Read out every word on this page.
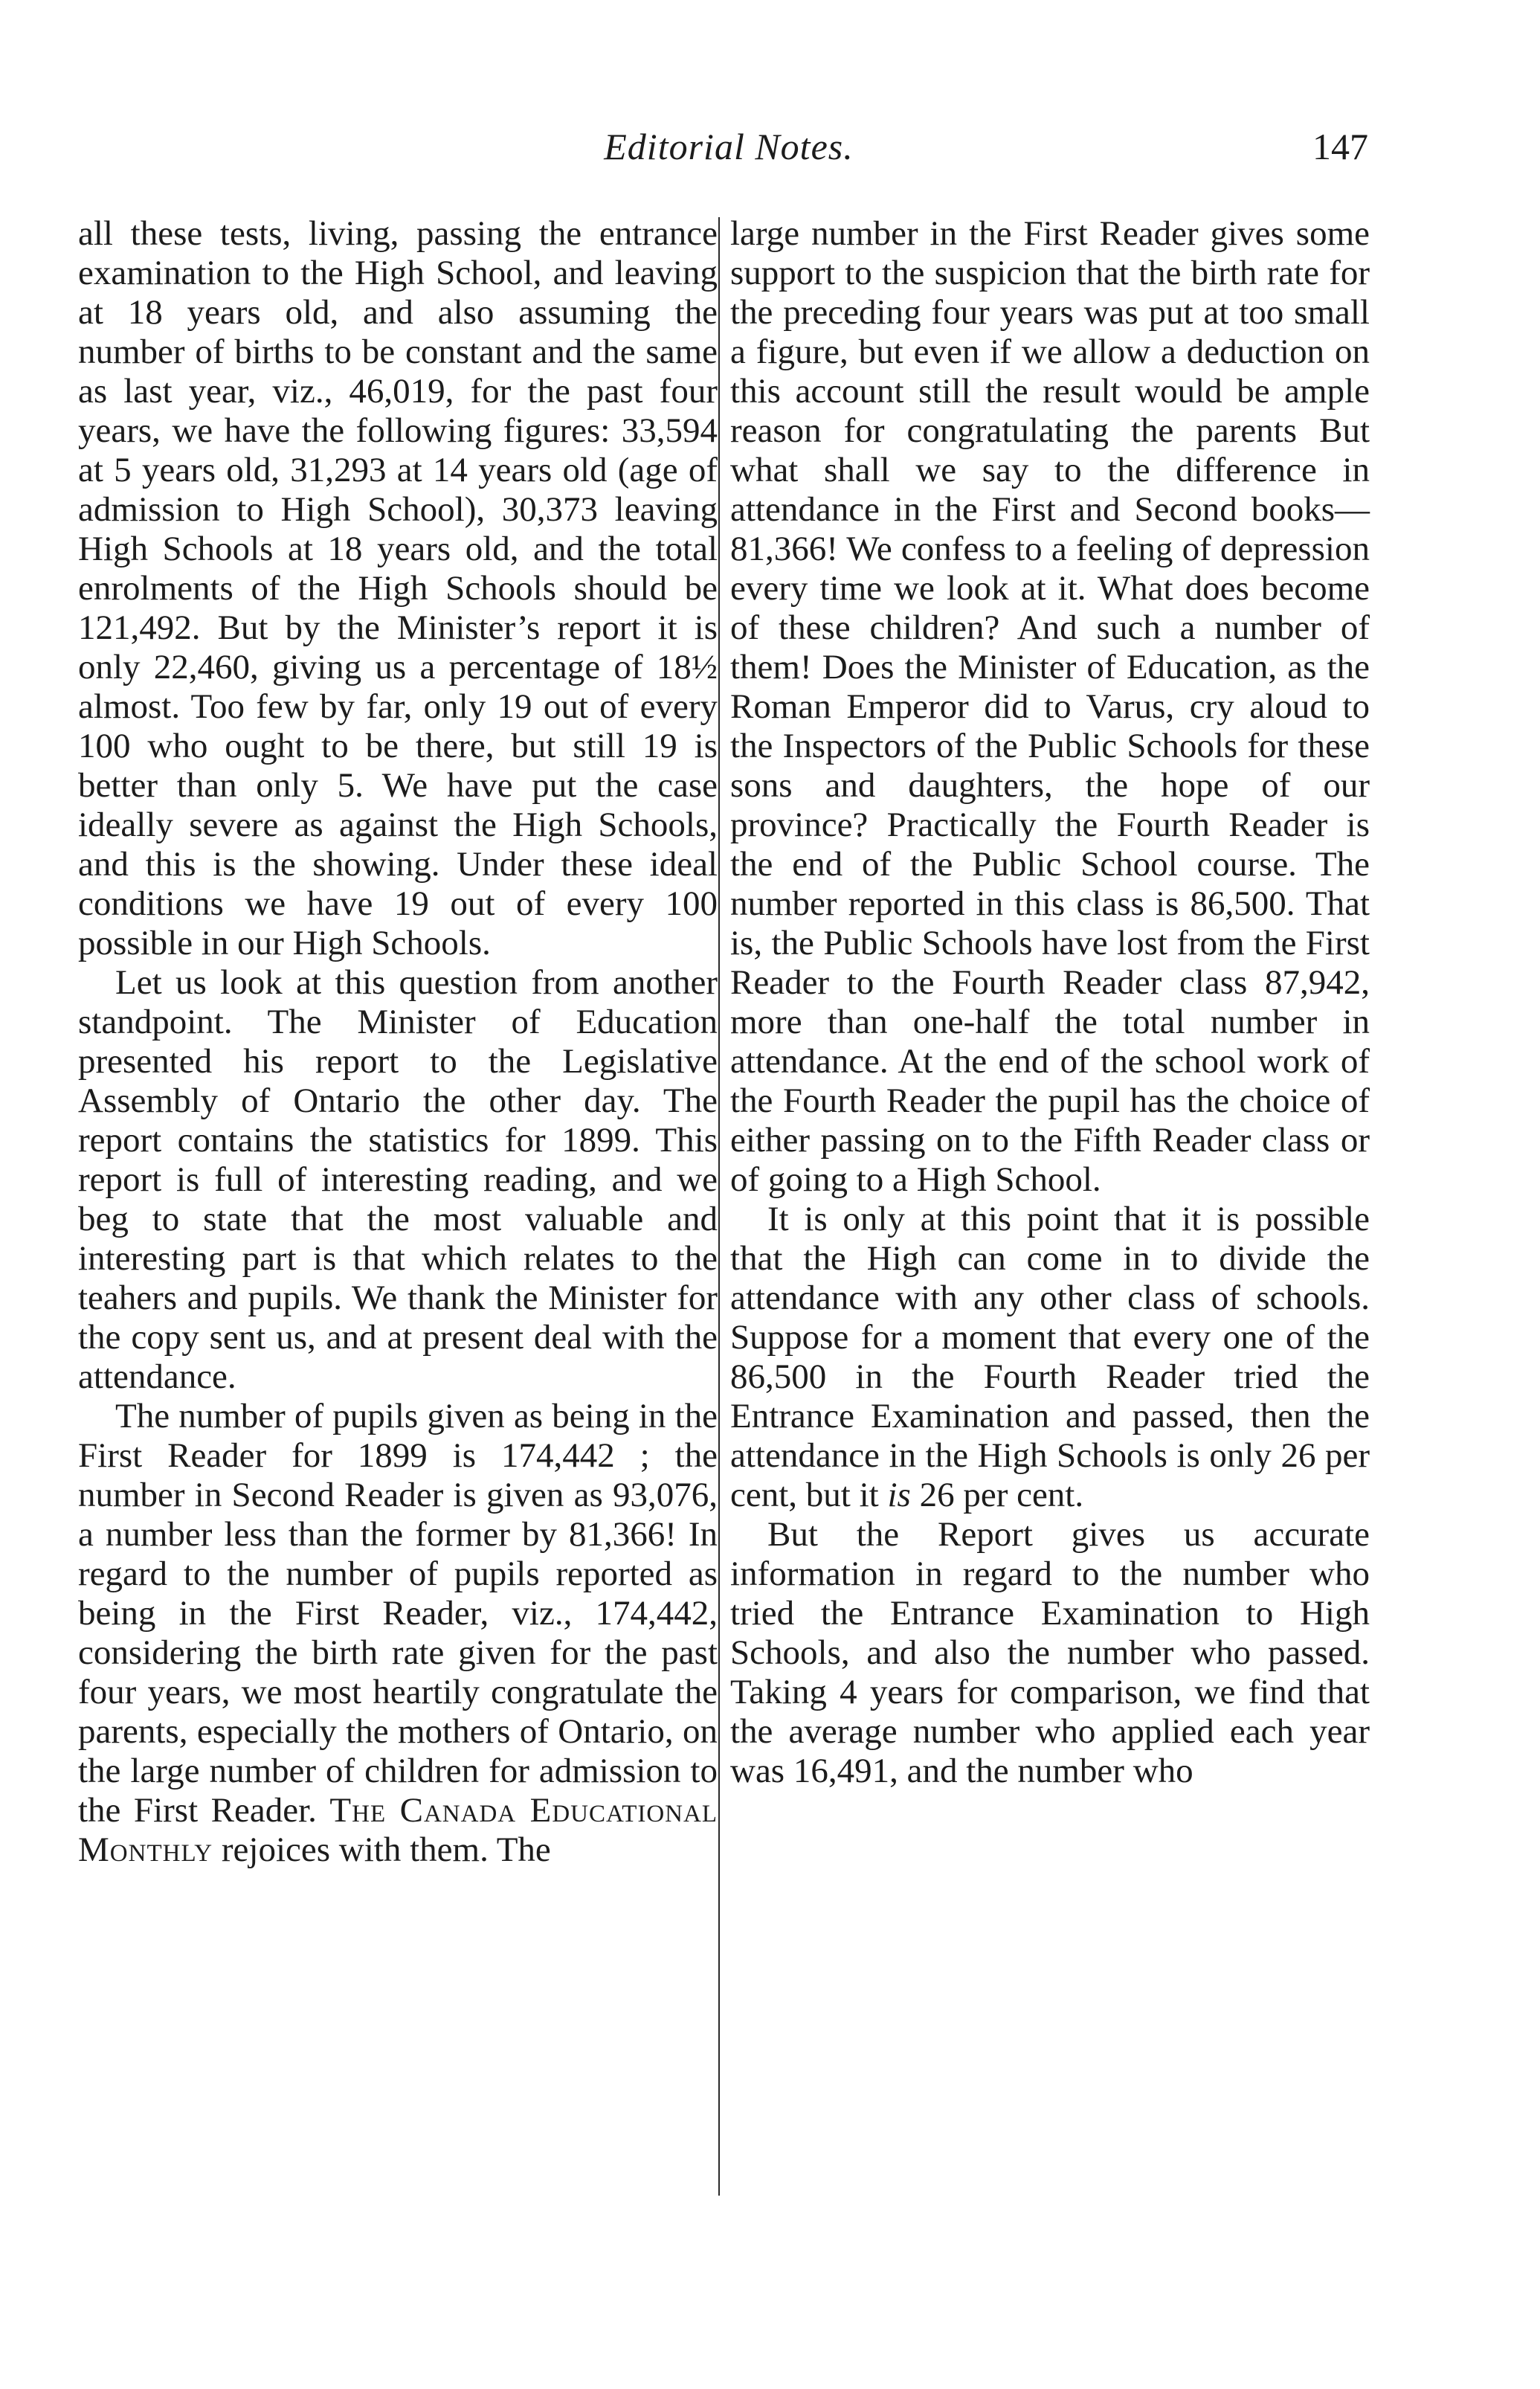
Editorial Notes.	147

all these tests, living, passing the entrance examination to the High School, and leaving at 18 years old, and also assuming the number of births to be constant and the same as last year, viz., 46,019, for the past four years, we have the following figures: 33,594 at 5 years old, 31,293 at 14 years old (age of admission to High School), 30,373 leaving High Schools at 18 years old, and the total enrolments of the High Schools should be 121,492. But by the Minister’s report it is only 22,460, giving us a percentage of 18½ almost. Too few by far, only 19 out of every 100 who ought to be there, but still 19 is better than only 5. We have put the case ideally severe as against the High Schools, and this is the showing. Under these ideal conditions we have 19 out of every 100 possible in our High Schools.

Let us look at this question from another standpoint. The Minister of Education presented his report to the Legislative Assembly of Ontario the other day. The report contains the statistics for 1899. This report is full of interesting reading, and we beg to state that the most valuable and interesting part is that which relates to the teahers and pupils. We thank the Minister for the copy sent us, and at present deal with the attendance.

The number of pupils given as being in the First Reader for 1899 is 174,442 ; the number in Second Reader is given as 93,076, a number less than the former by 81,366! In regard to the number of pupils reported as being in the First Reader, viz., 174,442, considering the birth rate given for the past four years, we most heartily congratulate the parents, especially the mothers of Ontario, on the large number of children for admission to the First Reader. The Canada Educational Monthly rejoices with them. The

large number in the First Reader gives some support to the suspicion that the birth rate for the preceding four years was put at too small a figure, but even if we allow a deduction on this account still the result would be ample reason for congratulating the parents But what shall we say to the difference in attendance in the First and Second books—81,366! We confess to a feeling of depression every time we look at it. What does become of these children? And such a number of them! Does the Minister of Education, as the Roman Emperor did to Varus, cry aloud to the Inspectors of the Public Schools for these sons and daughters, the hope of our province? Practically the Fourth Reader is the end of the Public School course. The number reported in this class is 86,500. That is, the Public Schools have lost from the First Reader to the Fourth Reader class 87,942, more than one-half the total number in attendance. At the end of the school work of the Fourth Reader the pupil has the choice of either passing on to the Fifth Reader class or of going to a High School.

It is only at this point that it is possible that the High can come in to divide the attendance with any other class of schools. Suppose for a moment that every one of the 86,500 in the Fourth Reader tried the Entrance Examination and passed, then the attendance in the High Schools is only 26 per cent, but it is 26 per cent.

But the Report gives us accurate information in regard to the number who tried the Entrance Examination to High Schools, and also the number who passed. Taking 4 years for comparison, we find that the average number who applied each year was 16,491, and the number who
